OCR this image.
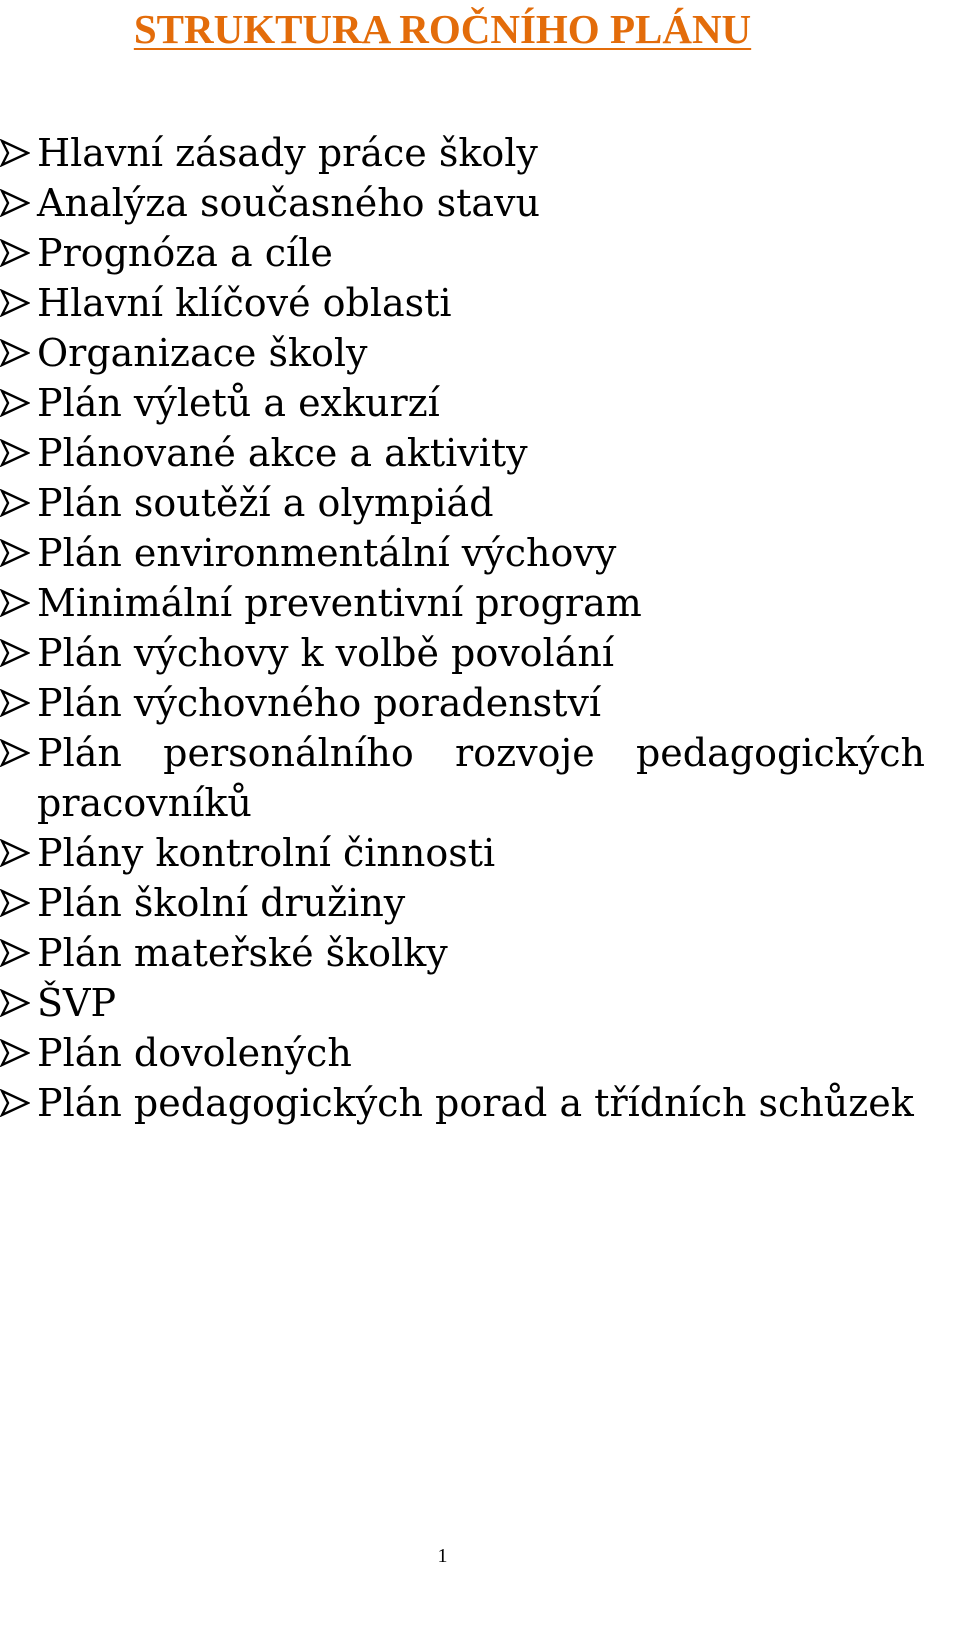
STRUKTURA ROČNÍHO PLÁNU
Hlavní zásady práce školy
Analýza současného stavu
Prognóza a cíle
Hlavní klíčové oblasti
Organizace školy
Plán výletů a exkurzí
Plánované akce a aktivity
Plán soutěží a olympiád
Plán environmentální výchovy
Minimální preventivní program
Plán výchovy k volbě povolání
Plán výchovného poradenství
Plán personálního rozvoje pedagogických pracovníků
Plány kontrolní činnosti
Plán školní družiny
Plán mateřské školky
ŠVP
Plán dovolených
Plán pedagogických porad a třídních schůzek
1
